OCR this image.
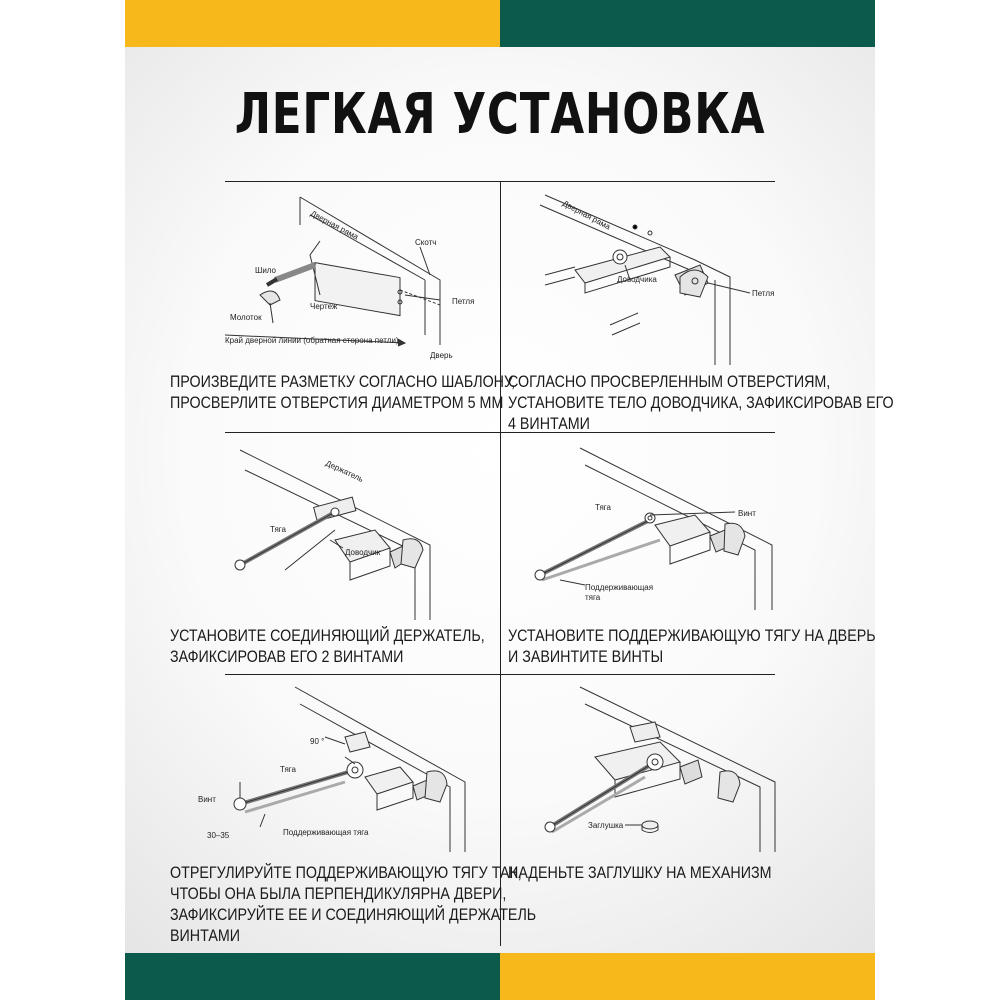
ЛЕГКАЯ УСТАНОВКА
Дверная рама
Скотч
Шило
Чертеж
Петля
Молоток
Край дверной линии (обратная сторона петли)
Дверь
ПРОИЗВЕДИТЕ РАЗМЕТКУ СОГЛАСНО ШАБЛОНУ,
ПРОСВЕРЛИТЕ ОТВЕРСТИЯ ДИАМЕТРОМ 5 ММ
Дверная рама
Доводчика
Петля
СОГЛАСНО ПРОСВЕРЛЕННЫМ ОТВЕРСТИЯМ,
УСТАНОВИТЕ ТЕЛО ДОВОДЧИКА, ЗАФИКСИРОВАВ ЕГО
4 ВИНТАМИ
Держатель
Тяга
Доводчик
УСТАНОВИТЕ СОЕДИНЯЮЩИЙ ДЕРЖАТЕЛЬ,
ЗАФИКСИРОВАВ ЕГО 2 ВИНТАМИ
Тяга
Винт
Поддерживающая
тяга
УСТАНОВИТЕ ПОДДЕРЖИВАЮЩУЮ ТЯГУ НА ДВЕРЬ
И ЗАВИНТИТЕ ВИНТЫ
90 °
Тяга
Винт
30–35	Поддерживающая тяга
ОТРЕГУЛИРУЙТЕ ПОДДЕРЖИВАЮЩУЮ ТЯГУ ТАК,
ЧТОБЫ ОНА БЫЛА ПЕРПЕНДИКУЛЯРНА ДВЕРИ,
ЗАФИКСИРУЙТЕ ЕЕ И СОЕДИНЯЮЩИЙ ДЕРЖАТЕЛЬ
ВИНТАМИ
Заглушка
НАДЕНЬТЕ ЗАГЛУШКУ НА МЕХАНИЗМ
